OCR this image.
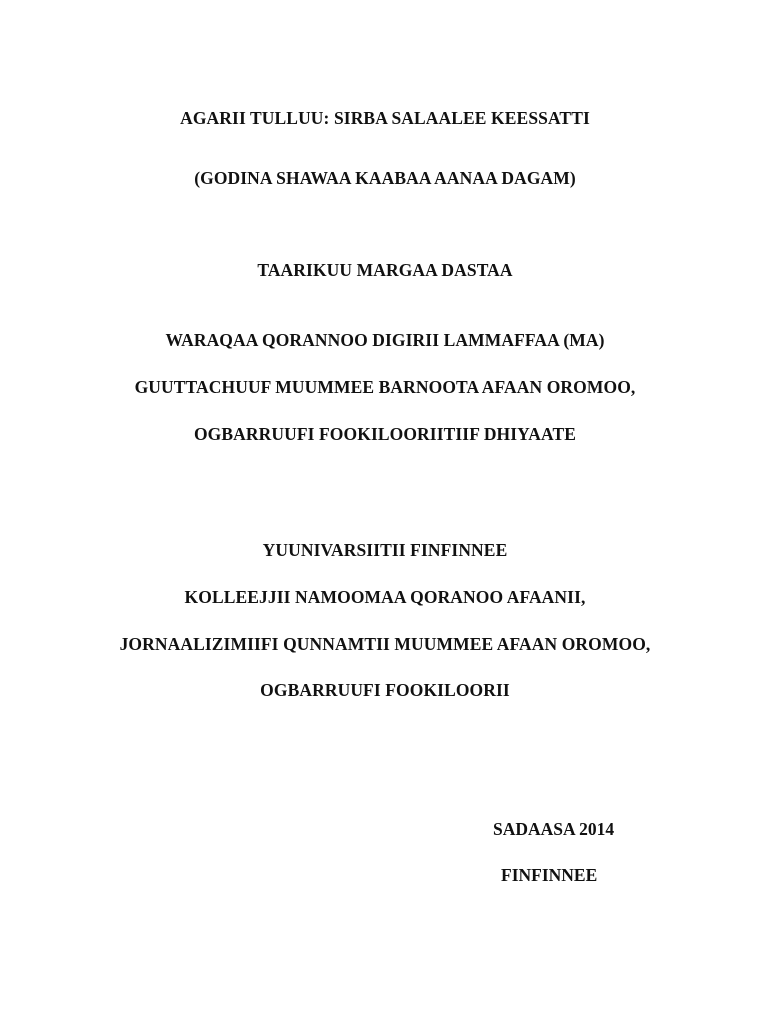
AGARII TULLUU: SIRBA SALAALEE KEESSATTI
(GODINA SHAWAA KAABAA AANAA DAGAM)
TAARIKUU MARGAA DASTAA
WARAQAA QORANNOO DIGIRII LAMMAFFAA (MA)
GUUTTACHUUF MUUMMEE BARNOOTA AFAAN OROMOO,
OGBARRUUFI FOOKILOORIITIIF DHIYAATE
YUUNIVARSIITII FINFINNEE
KOLLEEJJII NAMOOMAA QORANOO AFAANII,
JORNAALIZIMIIFI QUNNAMTII MUUMMEE AFAAN OROMOO,
OGBARRUUFI FOOKILOORII
SADAASA 2014
FINFINNEE
